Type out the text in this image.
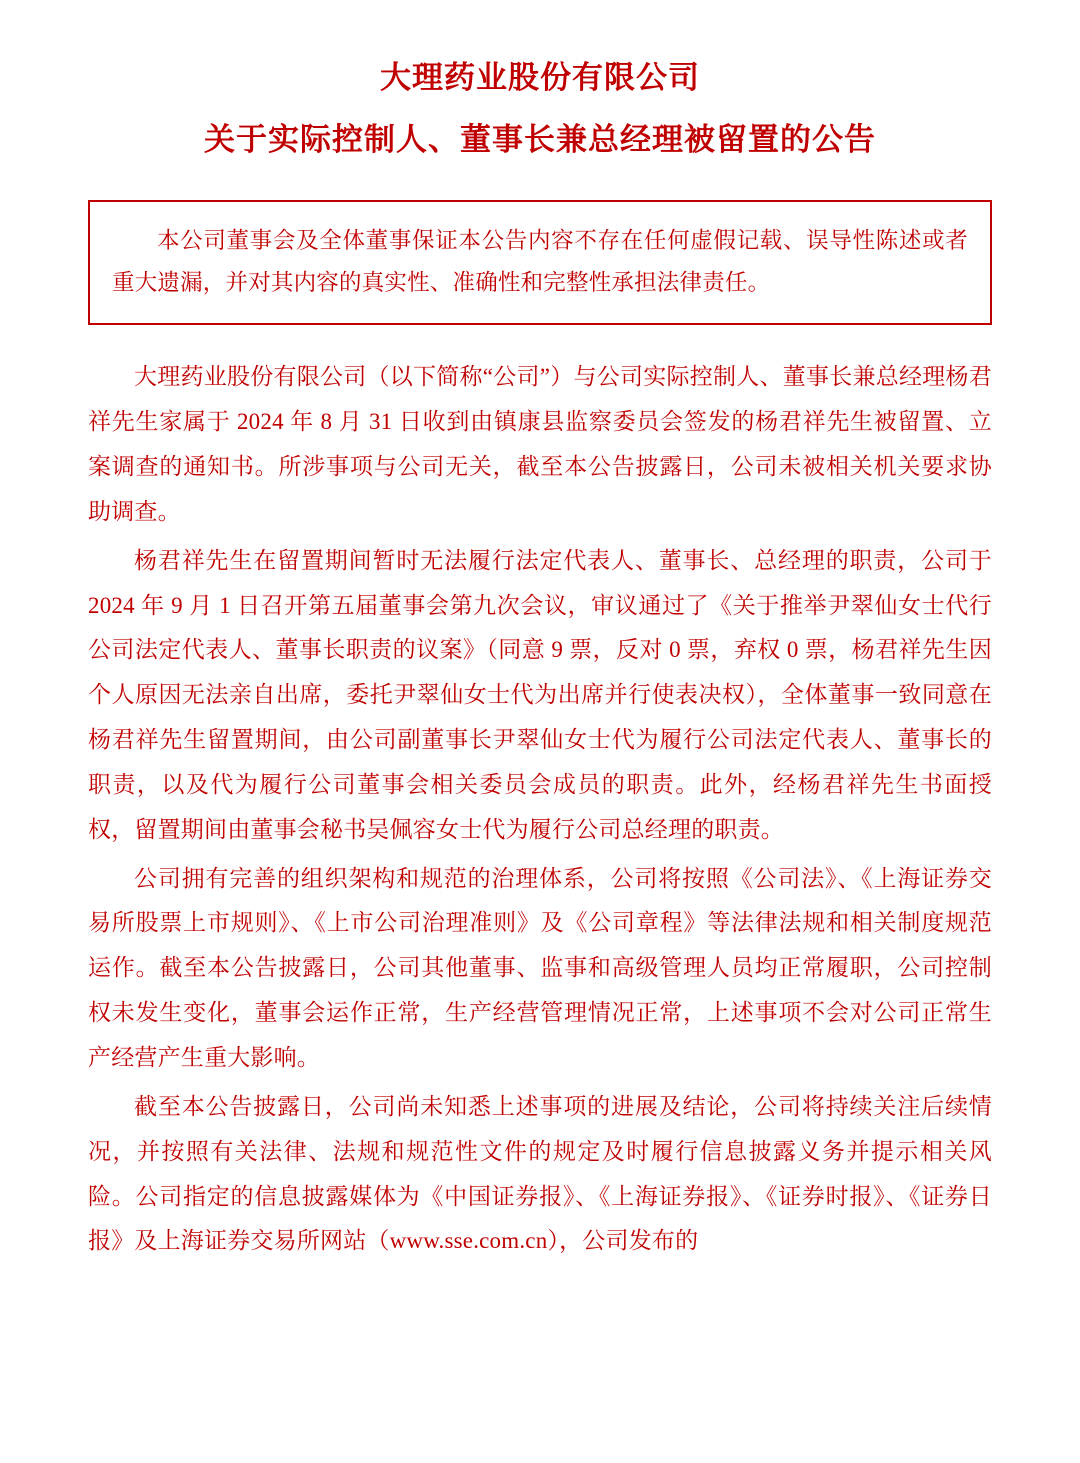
大理药业股份有限公司
关于实际控制人、董事长兼总经理被留置的公告
本公司董事会及全体董事保证本公告内容不存在任何虚假记载、误导性陈述或者重大遗漏，并对其内容的真实性、准确性和完整性承担法律责任。

大理药业股份有限公司（以下简称“公司”）与公司实际控制人、董事长兼总经理杨君祥先生家属于 2024 年 8 月 31 日收到由镇康县监察委员会签发的杨君祥先生被留置、立案调查的通知书。所涉事项与公司无关，截至本公告披露日，公司未被相关机关要求协助调查。

杨君祥先生在留置期间暂时无法履行法定代表人、董事长、总经理的职责，公司于 2024 年 9 月 1 日召开第五届董事会第九次会议，审议通过了《关于推举尹翠仙女士代行公司法定代表人、董事长职责的议案》（同意 9 票，反对 0 票，弃权 0 票，杨君祥先生因个人原因无法亲自出席，委托尹翠仙女士代为出席并行使表决权），全体董事一致同意在杨君祥先生留置期间，由公司副董事长尹翠仙女士代为履行公司法定代表人、董事长的职责，以及代为履行公司董事会相关委员会成员的职责。此外，经杨君祥先生书面授权，留置期间由董事会秘书吴佩容女士代为履行公司总经理的职责。

公司拥有完善的组织架构和规范的治理体系，公司将按照《公司法》、《上海证券交易所股票上市规则》、《上市公司治理准则》及《公司章程》等法律法规和相关制度规范运作。截至本公告披露日，公司其他董事、监事和高级管理人员均正常履职，公司控制权未发生变化，董事会运作正常，生产经营管理情况正常，上述事项不会对公司正常生产经营产生重大影响。

截至本公告披露日，公司尚未知悉上述事项的进展及结论，公司将持续关注后续情况，并按照有关法律、法规和规范性文件的规定及时履行信息披露义务并提示相关风险。公司指定的信息披露媒体为《中国证券报》、《上海证券报》、《证券时报》、《证券日报》及上海证券交易所网站（www.sse.com.cn），公司发布的
